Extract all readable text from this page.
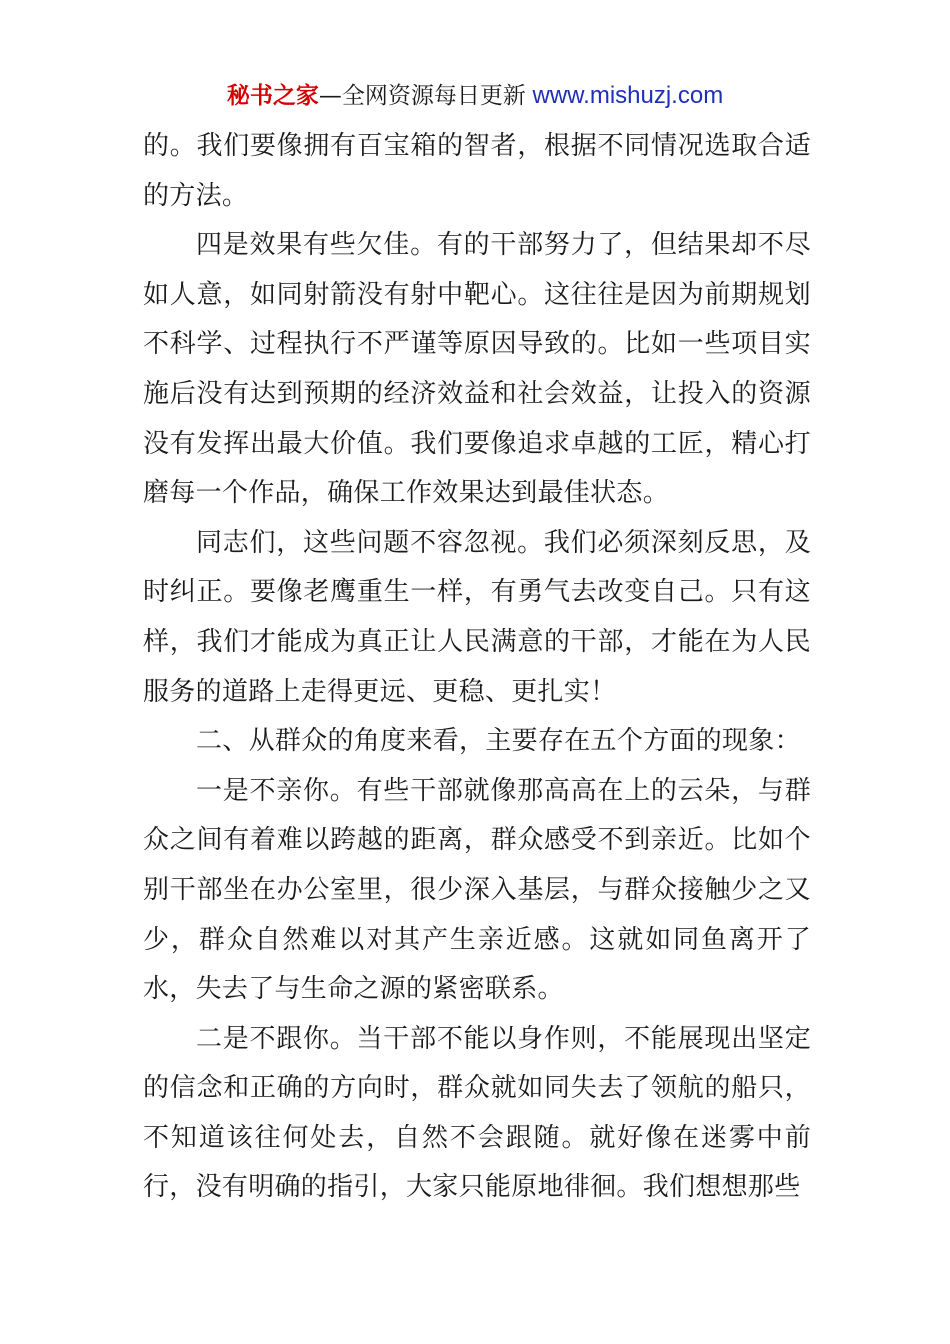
秘书之家—全网资源每日更新 www.mishuzj.com

的。我们要像拥有百宝箱的智者，根据不同情况选取合适的方法。

四是效果有些欠佳。有的干部努力了，但结果却不尽如人意，如同射箭没有射中靶心。这往往是因为前期规划不科学、过程执行不严谨等原因导致的。比如一些项目实施后没有达到预期的经济效益和社会效益，让投入的资源没有发挥出最大价值。我们要像追求卓越的工匠，精心打磨每一个作品，确保工作效果达到最佳状态。

同志们，这些问题不容忽视。我们必须深刻反思，及时纠正。要像老鹰重生一样，有勇气去改变自己。只有这样，我们才能成为真正让人民满意的干部，才能在为人民服务的道路上走得更远、更稳、更扎实！

二、从群众的角度来看，主要存在五个方面的现象：

一是不亲你。有些干部就像那高高在上的云朵，与群众之间有着难以跨越的距离，群众感受不到亲近。比如个别干部坐在办公室里，很少深入基层，与群众接触少之又少，群众自然难以对其产生亲近感。这就如同鱼离开了水，失去了与生命之源的紧密联系。

二是不跟你。当干部不能以身作则，不能展现出坚定的信念和正确的方向时，群众就如同失去了领航的船只，不知道该往何处去，自然不会跟随。就好像在迷雾中前行，没有明确的指引，大家只能原地徘徊。我们想想那些
